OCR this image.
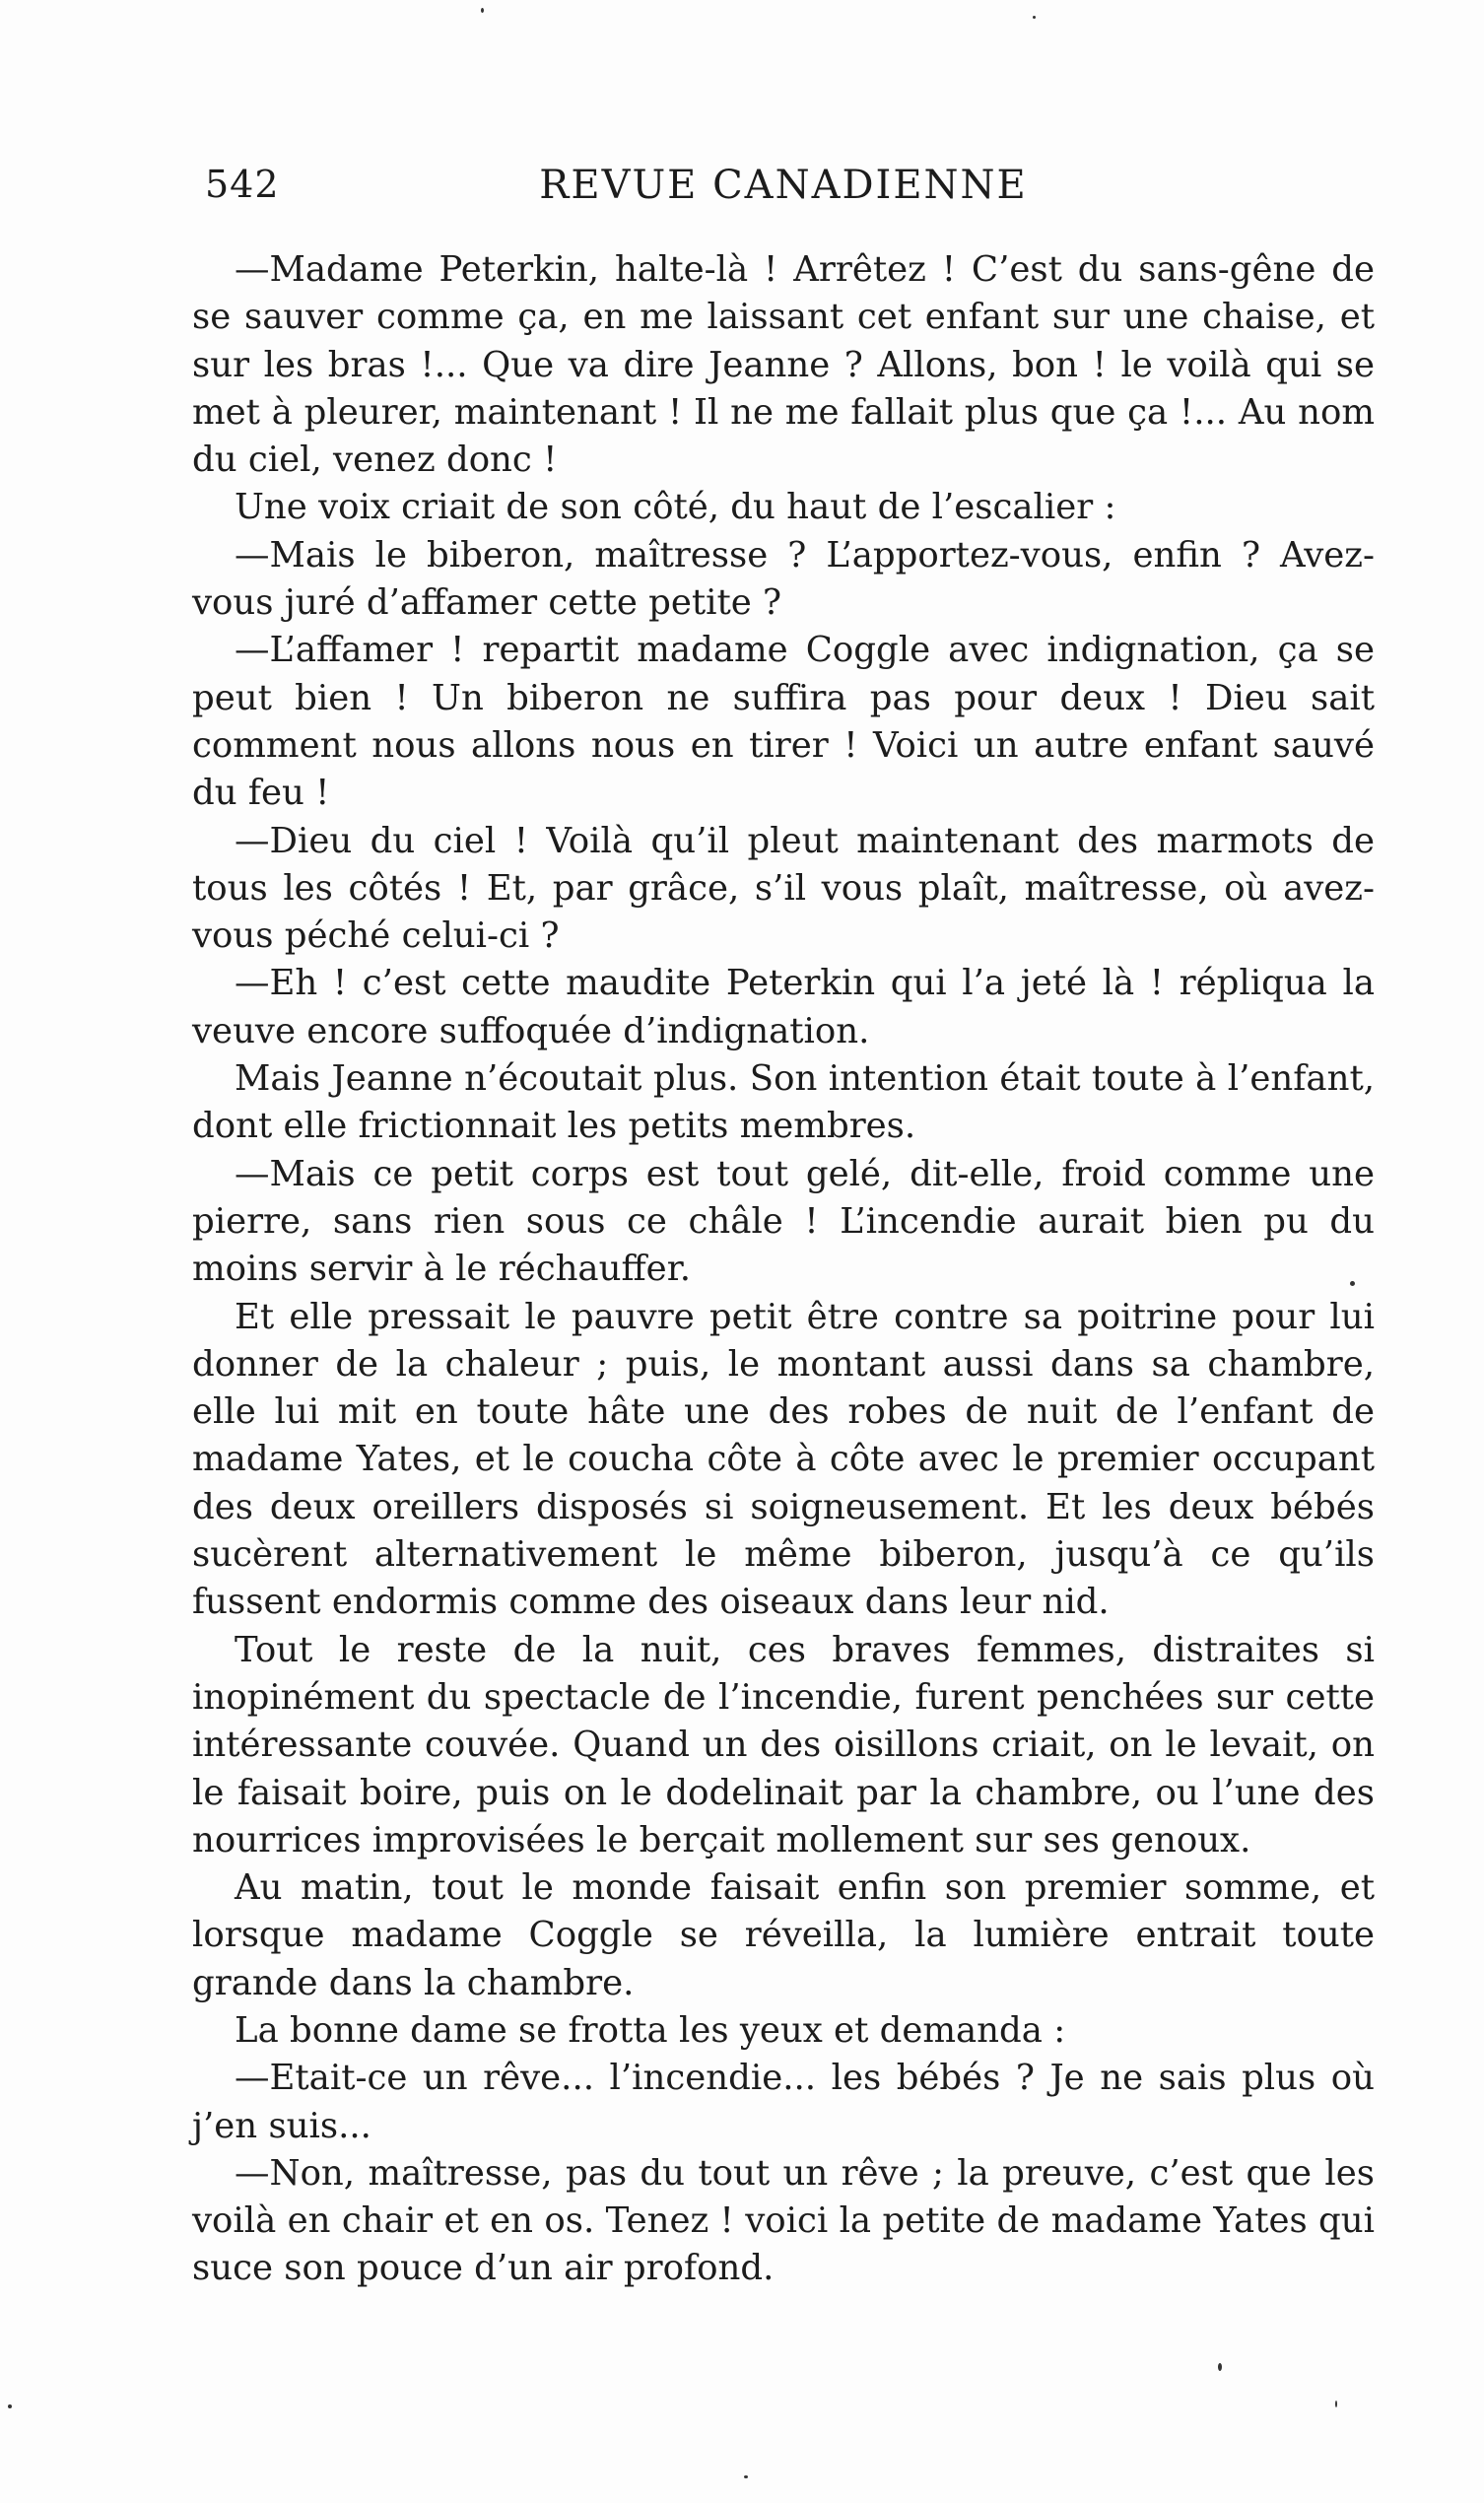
542	REVUE CANADIENNE

—Madame Peterkin, halte-là ! Arrêtez ! C’est du sans-gêne de se sauver comme ça, en me laissant cet enfant sur une chaise, et sur les bras !... Que va dire Jeanne ? Allons, bon ! le voilà qui se met à pleurer, maintenant ! Il ne me fallait plus que ça !... Au nom du ciel, venez donc !

Une voix criait de son côté, du haut de l’escalier :

—Mais le biberon, maîtresse ? L’apportez-vous, enfin ? Avez-vous juré d’affamer cette petite ?

—L’affamer ! repartit madame Coggle avec indignation, ça se peut bien ! Un biberon ne suffira pas pour deux ! Dieu sait comment nous allons nous en tirer ! Voici un autre enfant sauvé du feu !

—Dieu du ciel ! Voilà qu’il pleut maintenant des marmots de tous les côtés ! Et, par grâce, s’il vous plaît, maîtresse, où avez-vous péché celui-ci ?

—Eh ! c’est cette maudite Peterkin qui l’a jeté là ! répliqua la veuve encore suffoquée d’indignation.

Mais Jeanne n’écoutait plus. Son intention était toute à l’enfant, dont elle frictionnait les petits membres.

—Mais ce petit corps est tout gelé, dit-elle, froid comme une pierre, sans rien sous ce châle ! L’incendie aurait bien pu du moins servir à le réchauffer.

Et elle pressait le pauvre petit être contre sa poitrine pour lui donner de la chaleur ; puis, le montant aussi dans sa chambre, elle lui mit en toute hâte une des robes de nuit de l’enfant de madame Yates, et le coucha côte à côte avec le premier occupant des deux oreillers disposés si soigneusement. Et les deux bébés sucèrent alternativement le même biberon, jusqu’à ce qu’ils fussent endormis comme des oiseaux dans leur nid.

Tout le reste de la nuit, ces braves femmes, distraites si inopinément du spectacle de l’incendie, furent penchées sur cette intéressante couvée. Quand un des oisillons criait, on le levait, on le faisait boire, puis on le dodelinait par la chambre, ou l’une des nourrices improvisées le berçait mollement sur ses genoux.

Au matin, tout le monde faisait enfin son premier somme, et lorsque madame Coggle se réveilla, la lumière entrait toute grande dans la chambre.

La bonne dame se frotta les yeux et demanda :

—Etait-ce un rêve... l’incendie... les bébés ? Je ne sais plus où j’en suis...

—Non, maîtresse, pas du tout un rêve ; la preuve, c’est que les voilà en chair et en os. Tenez ! voici la petite de madame Yates qui suce son pouce d’un air profond.
